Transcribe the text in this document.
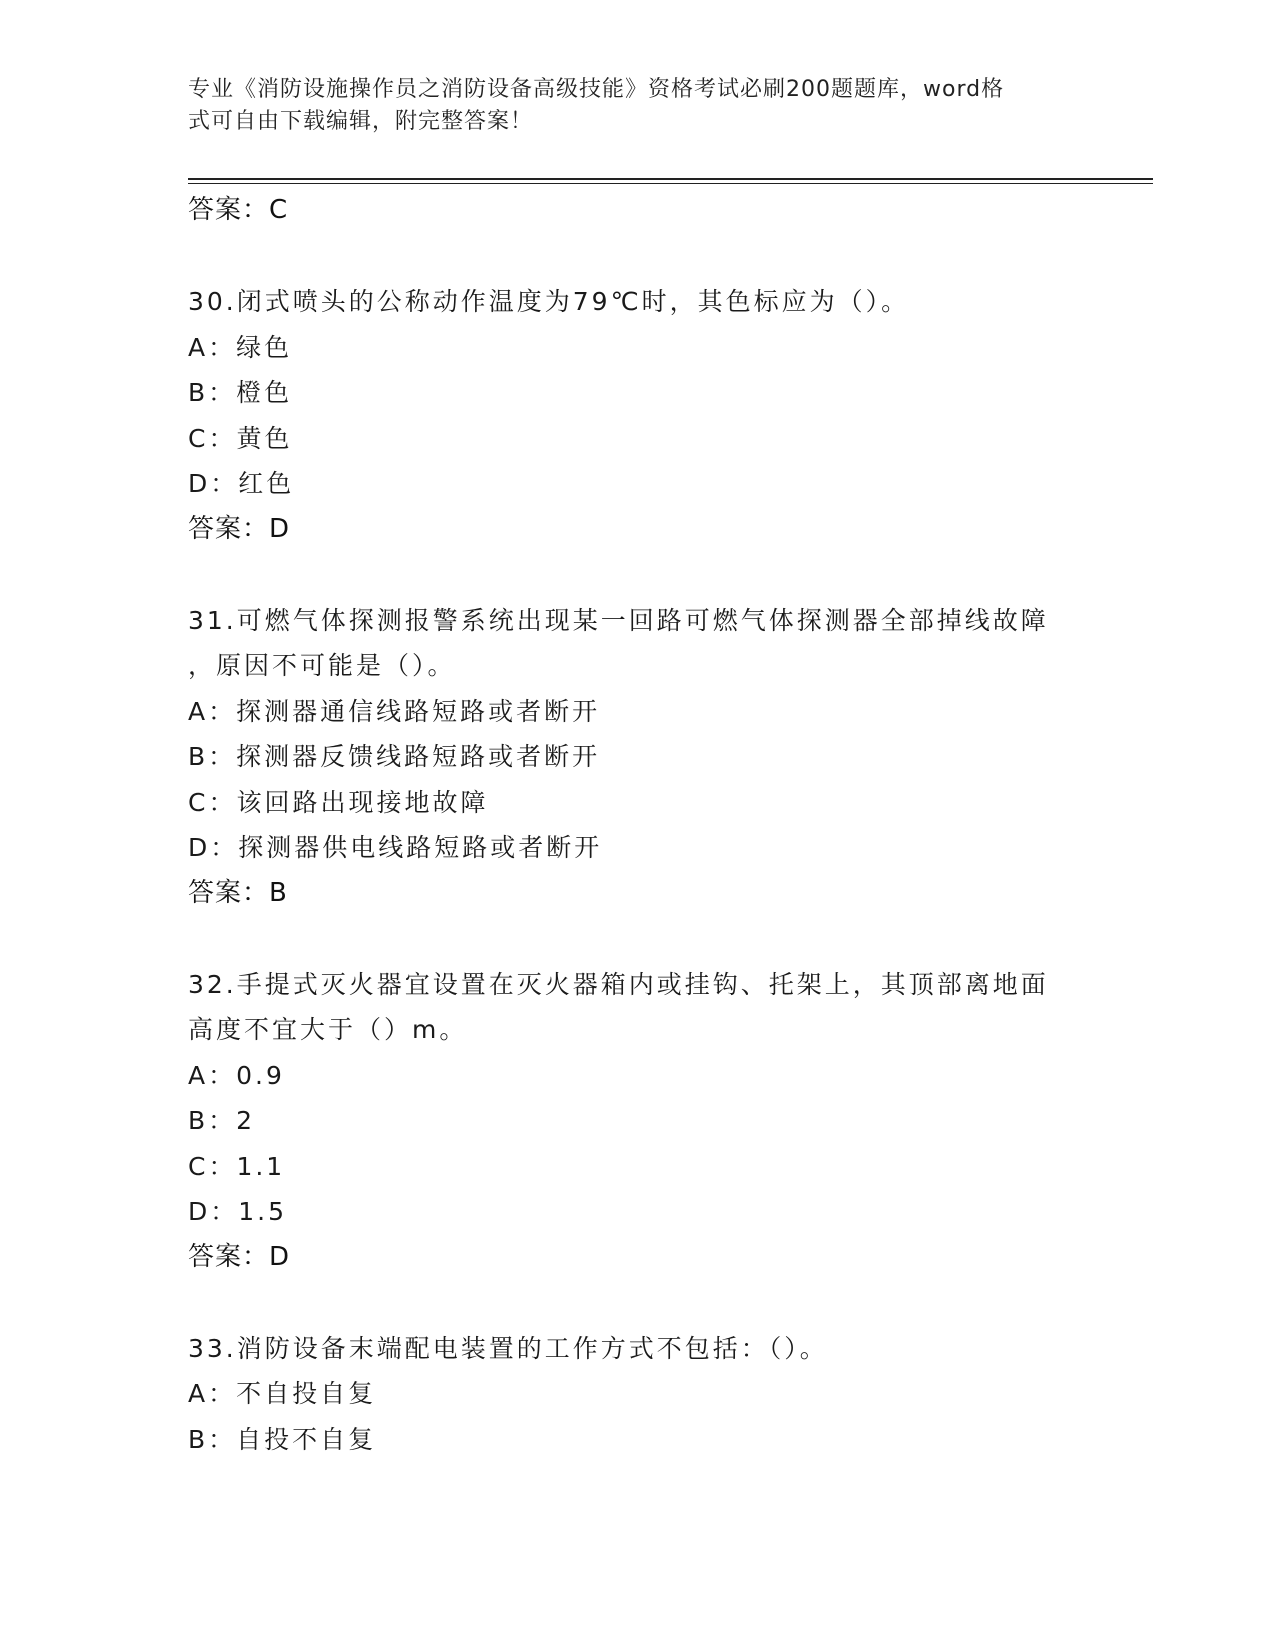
专业《消防设施操作员之消防设备高级技能》资格考试必刷200题题库，word格
式可自由下载编辑，附完整答案！
答案：C
30.闭式喷头的公称动作温度为79℃时，其色标应为（）。
A：绿色
B：橙色
C：黄色
D：红色
答案：D
31.可燃气体探测报警系统出现某一回路可燃气体探测器全部掉线故障
，原因不可能是（）。
A：探测器通信线路短路或者断开
B：探测器反馈线路短路或者断开
C：该回路出现接地故障
D：探测器供电线路短路或者断开
答案：B
32.手提式灭火器宜设置在灭火器箱内或挂钩、托架上，其顶部离地面
高度不宜大于（）m。
A：0.9
B：2
C：1.1
D：1.5
答案：D
33.消防设备末端配电装置的工作方式不包括：（）。
A：不自投自复
B：自投不自复
